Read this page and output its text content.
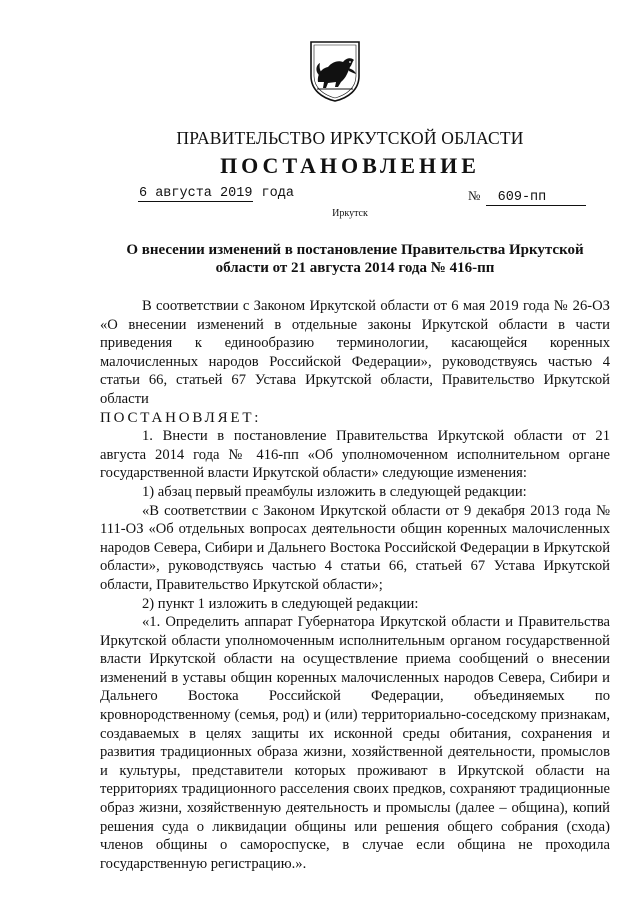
ПРАВИТЕЛЬСТВО ИРКУТСКОЙ ОБЛАСТИ
ПОСТАНОВЛЕНИЕ
6 августа 2019 года	№ 609-пп
Иркутск
О внесении изменений в постановление Правительства Иркутской области от 21 августа 2014 года № 416-пп

В соответствии с Законом Иркутской области от 6 мая 2019 года № 26-ОЗ «О внесении изменений в отдельные законы Иркутской области в части приведения к единообразию терминологии, касающейся коренных малочисленных народов Российской Федерации», руководствуясь частью 4 статьи 66, статьей 67 Устава Иркутской области, Правительство Иркутской области

ПОСТАНОВЛЯЕТ:

1. Внести в постановление Правительства Иркутской области от 21 августа 2014 года № 416-пп «Об уполномоченном исполнительном органе государственной власти Иркутской области» следующие изменения:

1) абзац первый преамбулы изложить в следующей редакции:

«В соответствии с Законом Иркутской области от 9 декабря 2013 года № 111-ОЗ «Об отдельных вопросах деятельности общин коренных малочисленных народов Севера, Сибири и Дальнего Востока Российской Федерации в Иркутской области», руководствуясь частью 4 статьи 66, статьей 67 Устава Иркутской области, Правительство Иркутской области»;

2) пункт 1 изложить в следующей редакции:

«1. Определить аппарат Губернатора Иркутской области и Правительства Иркутской области уполномоченным исполнительным органом государственной власти Иркутской области на осуществление приема сообщений о внесении изменений в уставы общин коренных малочисленных народов Севера, Сибири и Дальнего Востока Российской Федерации, объединяемых по кровнородственному (семья, род) и (или) территориально-соседскому признакам, создаваемых в целях защиты их исконной среды обитания, сохранения и развития традиционных образа жизни, хозяйственной деятельности, промыслов и культуры, представители которых проживают в Иркутской области на территориях традиционного расселения своих предков, сохраняют традиционные образ жизни, хозяйственную деятельность и промыслы (далее – община), копий решения суда о ликвидации общины или решения общего собрания (схода) членов общины о самороспуске, в случае если община не проходила государственную регистрацию.».
